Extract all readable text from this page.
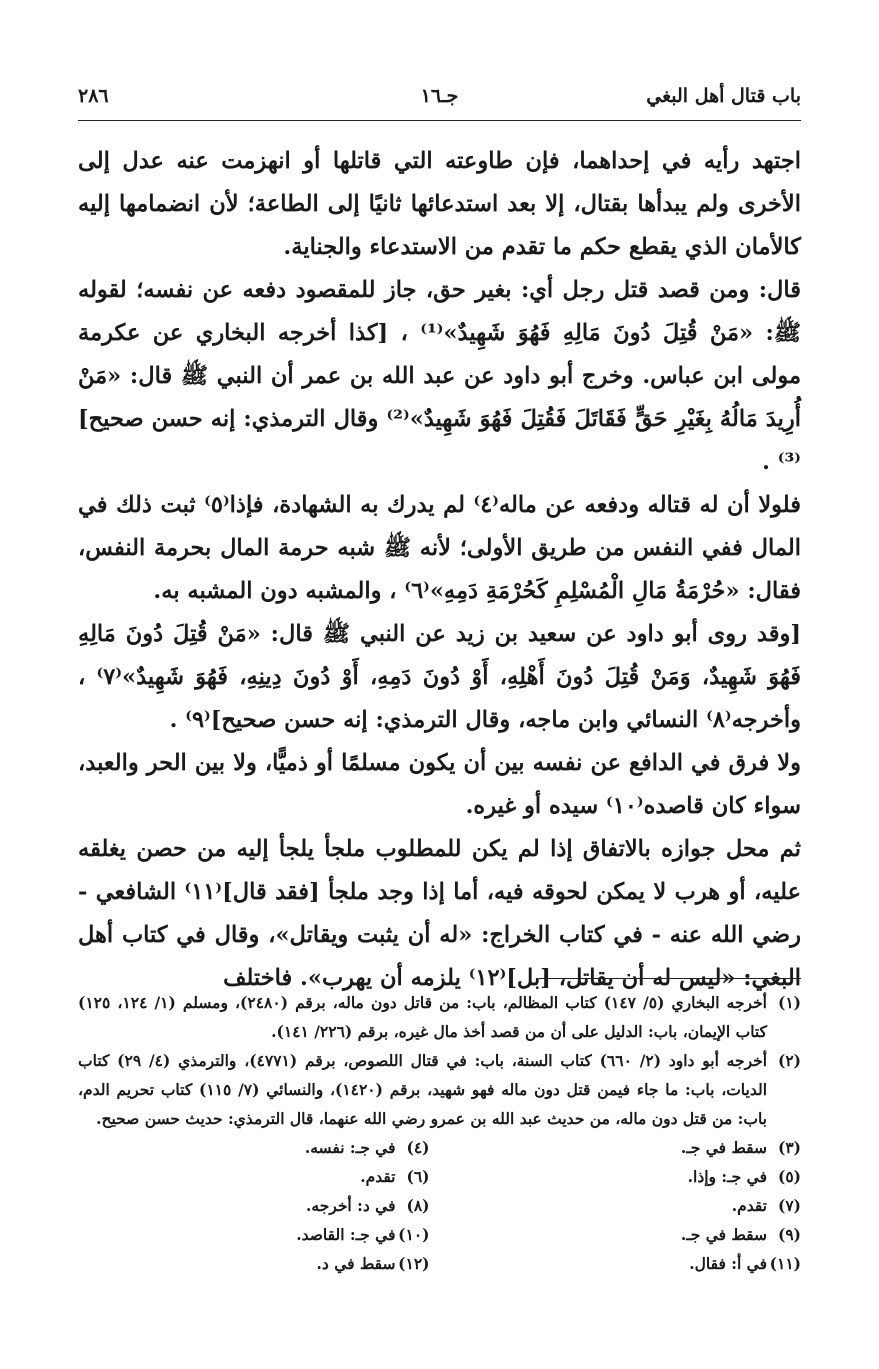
باب قتال أهل البغي
جـ١٦
٢٨٦

اجتهد رأيه في إحداهما، فإن طاوعته التي قاتلها أو انهزمت عنه عدل إلى الأخرى ولم يبدأها بقتال، إلا بعد استدعائها ثانيًا إلى الطاعة؛ لأن انضمامها إليه كالأمان الذي يقطع حكم ما تقدم من الاستدعاء والجناية.

قال: ومن قصد قتل رجل أي: بغير حق، جاز للمقصود دفعه عن نفسه؛ لقوله ﷺ: «مَنْ قُتِلَ دُونَ مَالِهِ فَهُوَ شَهِيدٌ»⁽¹⁾ ، [كذا أخرجه البخاري عن عكرمة مولى ابن عباس. وخرج أبو داود عن عبد الله بن عمر أن النبي ﷺ قال: «مَنْ أُرِيدَ مَالُهُ بِغَيْرِ حَقٍّ فَقَاتَلَ فَقُتِلَ فَهُوَ شَهِيدٌ»⁽²⁾ وقال الترمذي: إنه حسن صحيح]⁽³⁾ .

فلولا أن له قتاله ودفعه عن ماله⁽٤⁾ لم يدرك به الشهادة، فإذا⁽٥⁾ ثبت ذلك في المال ففي النفس من طريق الأولى؛ لأنه ﷺ شبه حرمة المال بحرمة النفس، فقال: «حُرْمَةُ مَالِ الْمُسْلِمِ كَحُرْمَةِ دَمِهِ»⁽٦⁾ ، والمشبه دون المشبه به.

[وقد روى أبو داود عن سعيد بن زيد عن النبي ﷺ قال: «مَنْ قُتِلَ دُونَ مَالِهِ فَهُوَ شَهِيدٌ، وَمَنْ قُتِلَ دُونَ أَهْلِهِ، أَوْ دُونَ دَمِهِ، أَوْ دُونَ دِينِهِ، فَهُوَ شَهِيدٌ»⁽٧⁾ ، وأخرجه⁽٨⁾ النسائي وابن ماجه، وقال الترمذي: إنه حسن صحيح]⁽٩⁾ .

ولا فرق في الدافع عن نفسه بين أن يكون مسلمًا أو ذميًّا، ولا بين الحر والعبد، سواء كان قاصده⁽١٠⁾ سيده أو غيره.

ثم محل جوازه بالاتفاق إذا لم يكن للمطلوب ملجأ يلجأ إليه من حصن يغلقه عليه، أو هرب لا يمكن لحوقه فيه، أما إذا وجد ملجأ [فقد قال]⁽١١⁾ الشافعي - رضي الله عنه - في كتاب الخراج: «له أن يثبت ويقاتل»، وقال في كتاب أهل البغي: «ليس له أن يقاتل، [بل]⁽١٢⁾ يلزمه أن يهرب». فاختلف

(١)
أخرجه البخاري (٥/ ١٤٧) كتاب المظالم، باب: من قاتل دون ماله، برقم (٢٤٨٠)، ومسلم (١/ ١٢٤، ١٢٥) كتاب الإيمان، باب: الدليل على أن من قصد أخذ مال غيره، برقم (٢٢٦/ ١٤١).
(٢)
أخرجه أبو داود (٢/ ٦٦٠) كتاب السنة، باب: في قتال اللصوص، برقم (٤٧٧١)، والترمذي (٤/ ٢٩) كتاب الديات، باب: ما جاء فيمن قتل دون ماله فهو شهيد، برقم (١٤٢٠)، والنسائي (٧/ ١١٥) كتاب تحريم الدم، باب: من قتل دون ماله، من حديث عبد الله بن عمرو رضي الله عنهما، قال الترمذي: حديث حسن صحيح.
(٣)
سقط في جـ.
(٤)
في جـ: نفسه.
(٥)
في جـ: وإذا.
(٦)
تقدم.
(٧)
تقدم.
(٨)
في د: أخرجه.
(٩)
سقط في جـ.
(١٠)
في جـ: القاصد.
(١١)
في أ: فقال.
(١٢)
سقط في د.
